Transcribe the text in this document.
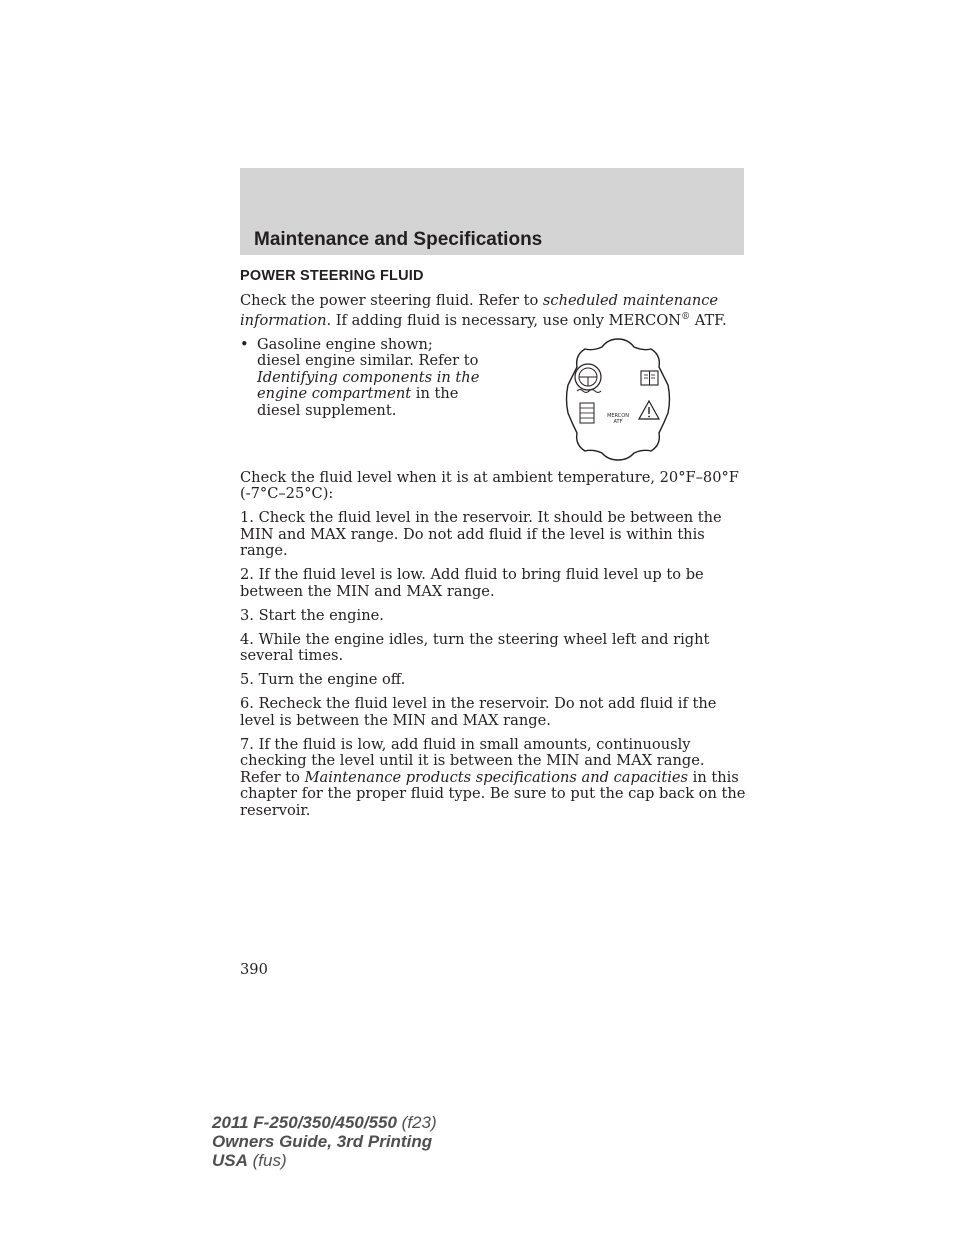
Maintenance and Specifications
POWER STEERING FLUID

Check the power steering fluid. Refer to scheduled maintenance information. If adding fluid is necessary, use only MERCON® ATF.

• Gasoline engine shown; diesel engine similar. Refer to Identifying components in the engine compartment in the diesel supplement.	MERCON
ATF

Check the fluid level when it is at ambient temperature, 20°F–80°F (-7°C–25°C):

1. Check the fluid level in the reservoir. It should be between the MIN and MAX range. Do not add fluid if the level is within this range.

2. If the fluid level is low. Add fluid to bring fluid level up to be between the MIN and MAX range.

3. Start the engine.

4. While the engine idles, turn the steering wheel left and right several times.

5. Turn the engine off.

6. Recheck the fluid level in the reservoir. Do not add fluid if the level is between the MIN and MAX range.

7. If the fluid is low, add fluid in small amounts, continuously checking the level until it is between the MIN and MAX range. Refer to Maintenance products specifications and capacities in this chapter for the proper fluid type. Be sure to put the cap back on the reservoir.

390
2011 F-250/350/450/550 (f23)
Owners Guide, 3rd Printing
USA (fus)
